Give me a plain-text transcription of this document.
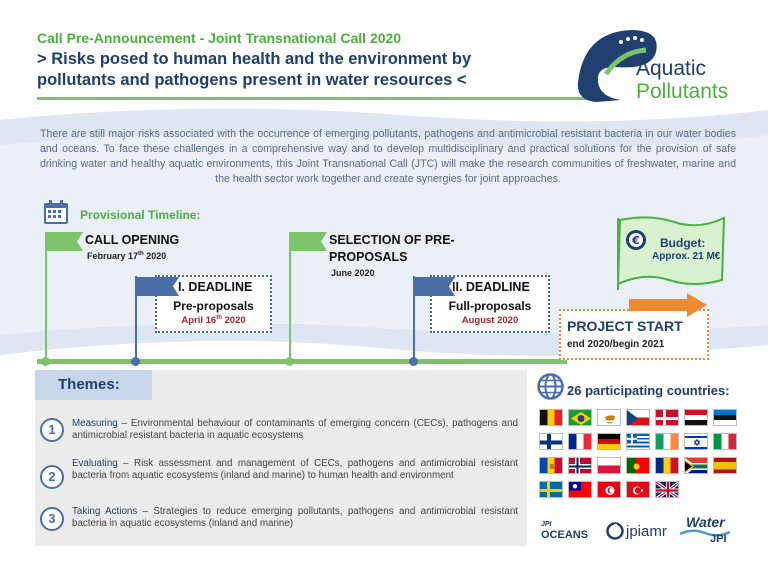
Call Pre-Announcement - Joint Transnational Call 2020
> Risks posed to human health and the environment by
pollutants and pathogens present in water resources <	Aquatic
Pollutants
There are still major risks associated with the occurrence of emerging pollutants, pathogens and antimicrobial resistant bacteria in our water bodies and oceans. To face these challenges in a comprehensive way and to develop multidisciplinary and practical solutions for the provision of safe drinking water and healthy aquatic environments, this Joint Transnational Call (JTC) will make the research communities of freshwater, marine and the health sector work together and create synergies for joint approaches.
Provisional Timeline:
CALL OPENING
February 17th 2020
Pre-proposals
April 16th 2020
I. DEADLINE
SELECTION OF PRE-
PROPOSALS
June 2020
Full-proposals
August 2020
II. DEADLINE
€ Budget:
Approx. 21 M€
PROJECT START
end 2020/begin 2021
Themes:
1	Measuring – Environmental behaviour of contaminants of emerging concern (CECs), pathogens and antimicrobial resistant bacteria in aquatic ecosystems
2
Evaluating – Risk assessment and management of CECs, pathogens and antimicrobial resistant bacteria from aquatic ecosystems (inland and marine) to human health and environment
3	Taking Actions – Strategies to reduce emerging pollutants, pathogens and antimicrobial resistant bacteria in aquatic ecosystems (inland and marine)
26 participating countries:
JPI
OCEANS	jpiamr
Water
JPI
